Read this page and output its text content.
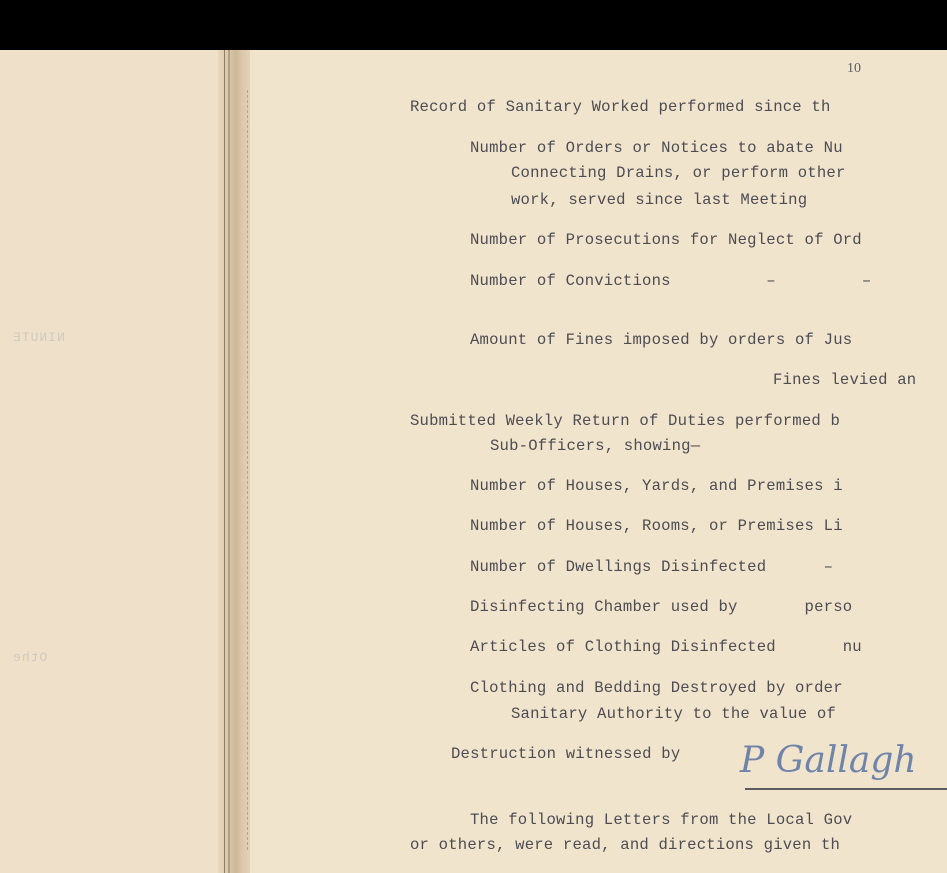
NINUTE
Othe
10
Record of Sanitary Worked performed since th
Number of Orders or Notices to abate Nu
Connecting Drains, or perform other
work, served since last Meeting
Number of Prosecutions for Neglect of Ord
Number of Convictions          –         –
Amount of Fines imposed by orders of Jus
Fines levied an
Submitted Weekly Return of Duties performed b
Sub-Officers, showing—
Number of Houses, Yards, and Premises i
Number of Houses, Rooms, or Premises Li
Number of Dwellings Disinfected      –
Disinfecting Chamber used by       perso
Articles of Clothing Disinfected       nu
Clothing and Bedding Destroyed by order
Sanitary Authority to the value of
Destruction witnessed by P Gallagh
The following Letters from the Local Gov
or others, were read, and directions given th
